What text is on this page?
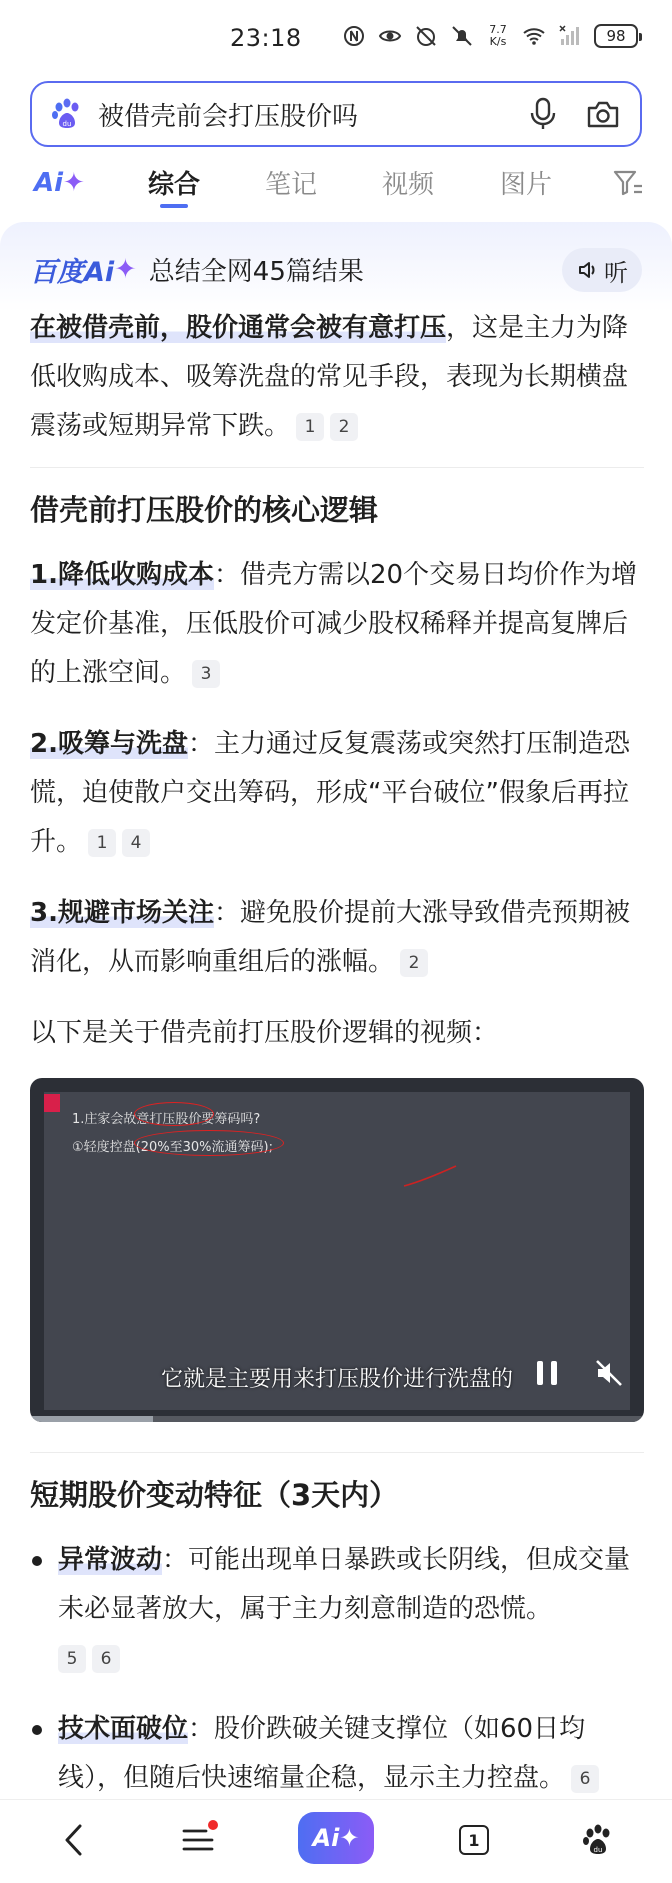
23:18	7.7
K/s	98
du 被借壳前会打压股价吗
Ai✦ 综合 笔记 视频	图片
百度Ai ✦ 总结全网45篇结果	听

在被借壳前，股价通常会被有意打压，这是主力为降低收购成本、吸筹洗盘的常见手段，表现为长期横盘震荡或短期异常下跌。 1 2

借壳前打压股价的核心逻辑

1.降低收购成本：借壳方需以20个交易日均价作为增发定价基准，压低股价可减少股权稀释并提高复牌后的上涨空间。 3

2.吸筹与洗盘：主力通过反复震荡或突然打压制造恐慌，迫使散户交出筹码，形成“平台破位”假象后再拉升。 1 4

3.规避市场关注：避免股价提前大涨导致借壳预期被消化，从而影响重组后的涨幅。 2

以下是关于借壳前打压股价逻辑的视频：

1.庄家会故意打压股价要筹码吗?
①轻度控盘(20%至30%流通筹码);
它就是主要用来打压股价进行洗盘的
短期股价变动特征（3天内）

异常波动：可能出现单日暴跌或长阴线，但成交量未必显著放大，属于主力刻意制造的恐慌。
5 6

技术面破位：股价跌破关键支撑位（如60日均线），但随后快速缩量企稳，显示主力控盘。 6

Ai ✦	1
du
